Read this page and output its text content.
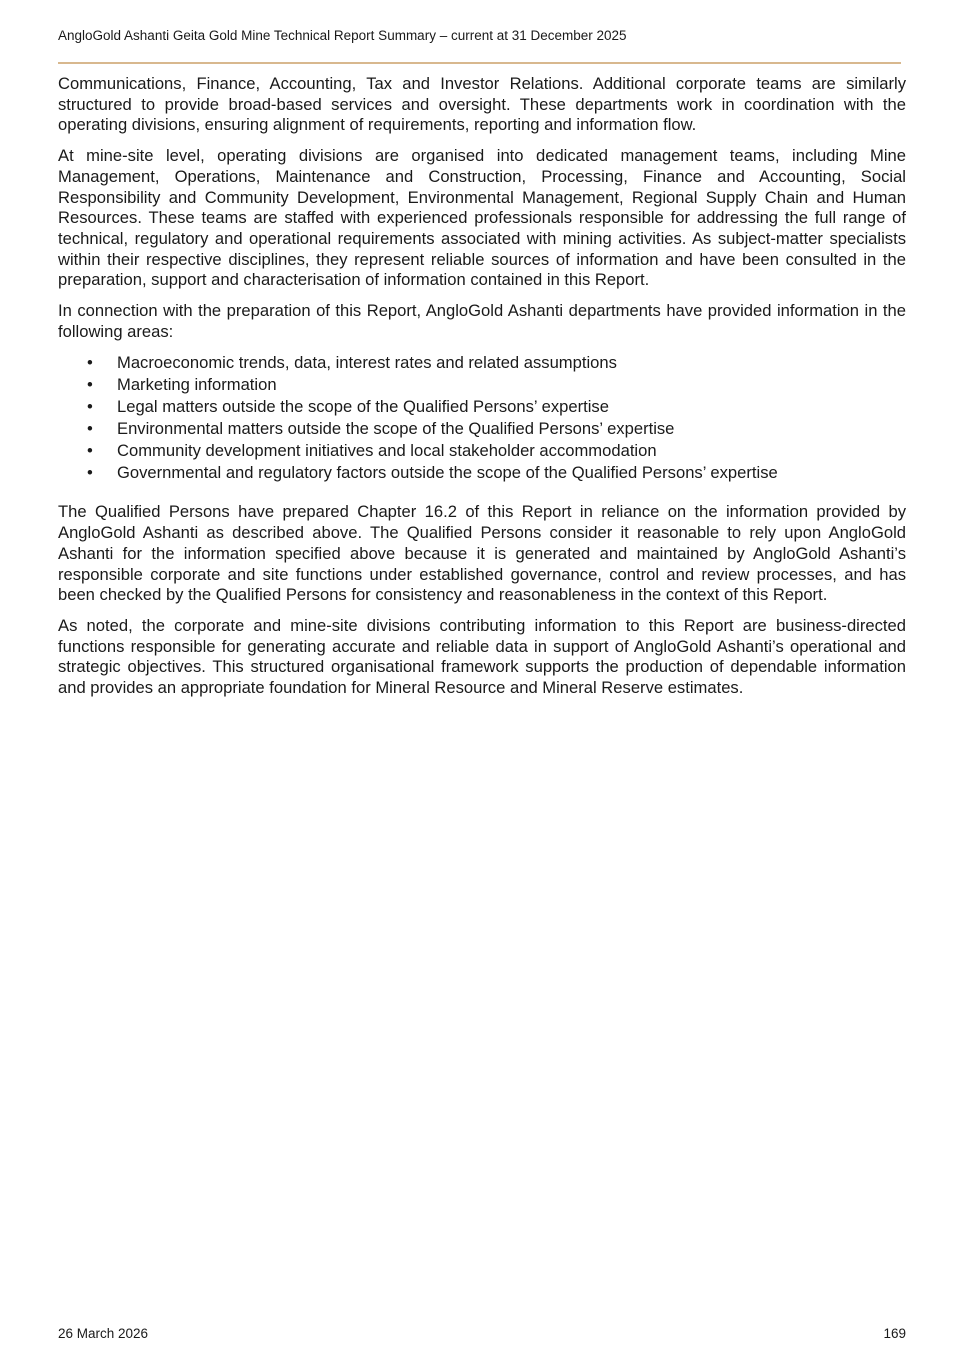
AngloGold Ashanti Geita Gold Mine Technical Report Summary – current at 31 December 2025

Communications, Finance, Accounting, Tax and Investor Relations. Additional corporate teams are similarly structured to provide broad-based services and oversight. These departments work in coordination with the operating divisions, ensuring alignment of requirements, reporting and information flow.

At mine-site level, operating divisions are organised into dedicated management teams, including Mine Management, Operations, Maintenance and Construction, Processing, Finance and Accounting, Social Responsibility and Community Development, Environmental Management, Regional Supply Chain and Human Resources. These teams are staffed with experienced professionals responsible for addressing the full range of technical, regulatory and operational requirements associated with mining activities. As subject-matter specialists within their respective disciplines, they represent reliable sources of information and have been consulted in the preparation, support and characterisation of information contained in this Report.

In connection with the preparation of this Report, AngloGold Ashanti departments have provided information in the following areas:

• Macroeconomic trends, data, interest rates and related assumptions
• Marketing information
• Legal matters outside the scope of the Qualified Persons’ expertise
• Environmental matters outside the scope of the Qualified Persons’ expertise
• Community development initiatives and local stakeholder accommodation
• Governmental and regulatory factors outside the scope of the Qualified Persons’ expertise

The Qualified Persons have prepared Chapter 16.2 of this Report in reliance on the information provided by AngloGold Ashanti as described above. The Qualified Persons consider it reasonable to rely upon AngloGold Ashanti for the information specified above because it is generated and maintained by AngloGold Ashanti’s responsible corporate and site functions under established governance, control and review processes, and has been checked by the Qualified Persons for consistency and reasonableness in the context of this Report.

As noted, the corporate and mine-site divisions contributing information to this Report are business-directed functions responsible for generating accurate and reliable data in support of AngloGold Ashanti’s operational and strategic objectives. This structured organisational framework supports the production of dependable information and provides an appropriate foundation for Mineral Resource and Mineral Reserve estimates.

26 March 2026	169
